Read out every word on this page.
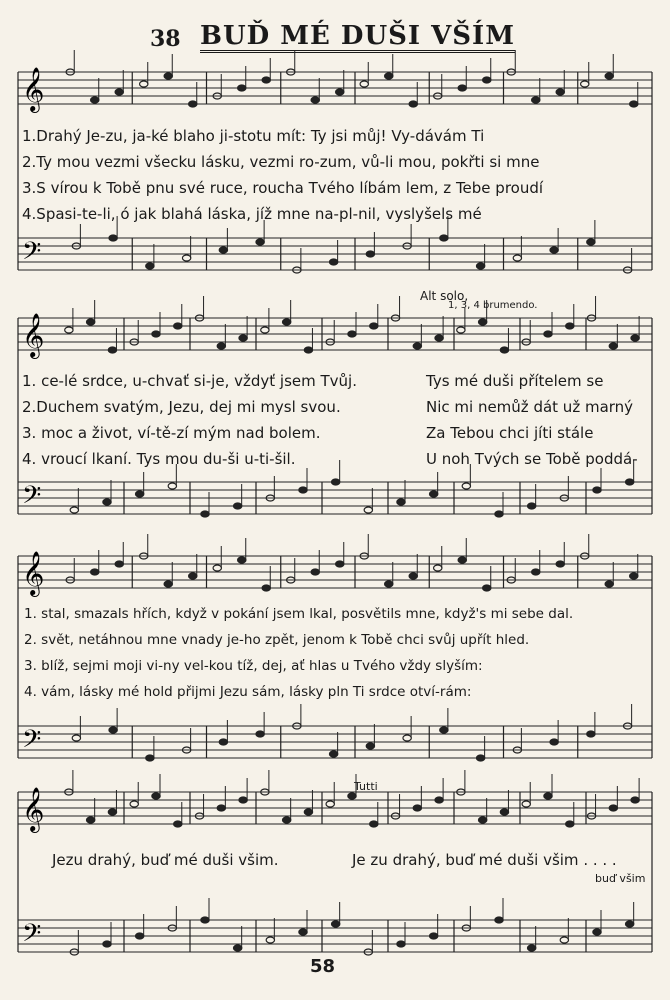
38 BUĎ MÉ DUŠI VŠÍM
𝄞
𝄢
𝄞
𝄢
𝄞
𝄢
𝄞
𝄢
1.Drahý Je-zu, ja-ké blaho ji-stotu mít: Ty jsi můj! Vy-dávám Ti
2.Ty mou vezmi všecku lásku, vezmi ro-zum, vů-li mou, pokřti si mne
3.S vírou k Tobě pnu své ruce, roucha Tvého líbám lem, z Tebe proudí
4.Spasi-te-li, ó jak blahá láska, jíž mne na-pl-nil, vyslyšels mé
Alt solo,
1, 3, 4 brumendo.
1. ce-lé srdce, u-chvať si-je, vždyť jsem Tvůj.
2.Duchem svatým, Jezu, dej mi mysl svou.
3. moc a život, ví-tě-zí mým nad bolem.
4. vroucí lkaní. Tys mou du-ši u-ti-šil.
Tys mé duši přítelem se
Nic mi nemůž dát už marný
Za Tebou chci jíti stále
U noh Tvých se Tobě poddá-
1. stal, smazals hřích, když v pokání jsem lkal, posvětils mne, když's mi sebe dal.
2. svět, netáhnou mne vnady je-ho zpět, jenom k Tobě chci svůj upřít hled.
3. blíž, sejmi moji vi-ny vel-kou tíž, dej, ať hlas u Tvého vždy slyším:
4. vám, lásky mé hold přijmi Jezu sám, lásky pln Ti srdce otví-rám:
Tutti
Jezu drahý, buď mé duši všim.	Je zu drahý, buď mé duši všim . . . .
buď všim
58
